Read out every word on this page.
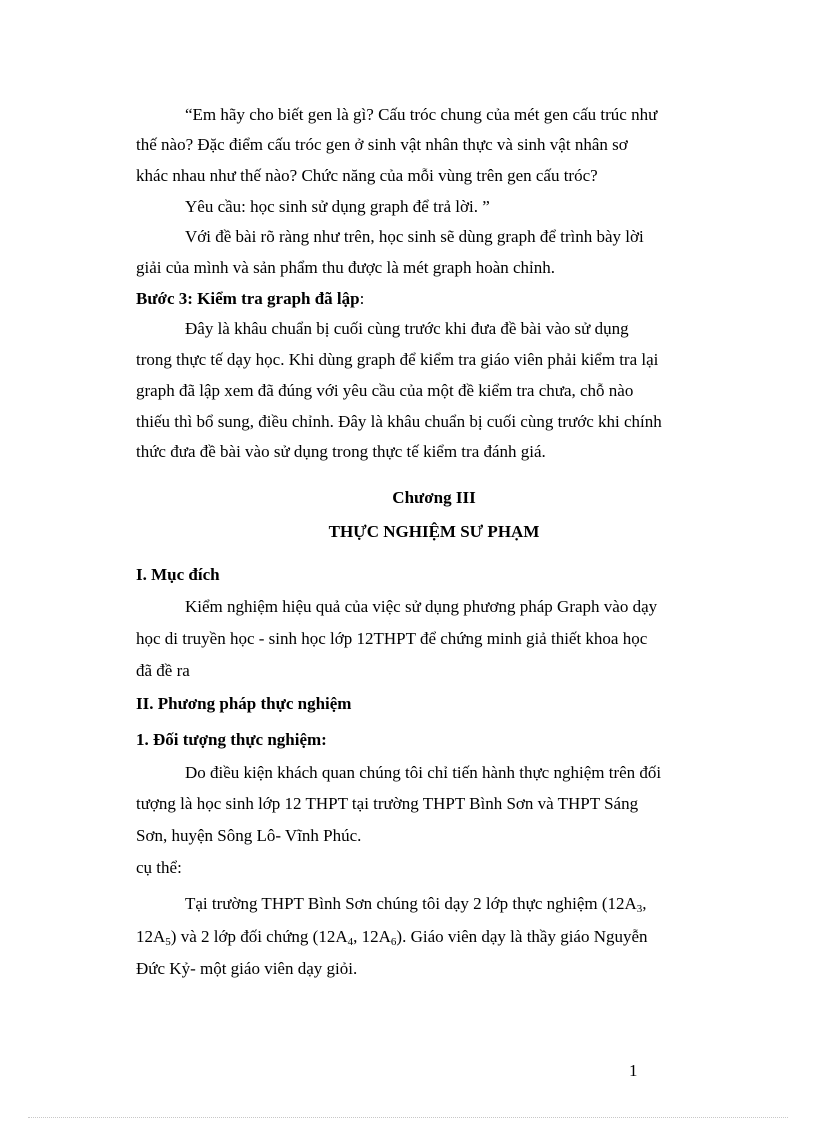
“Em hãy cho biết gen là gì? Cấu tróc chung của mét gen cấu trúc như
thế nào? Đặc điểm cấu tróc gen ở sinh vật nhân thực và sinh vật nhân sơ
khác nhau như thế nào? Chức năng của mỗi vùng trên gen cấu tróc?
Yêu cầu: học sinh sử dụng graph để trả lời. ”
Với đề bài rõ ràng như trên, học sinh sẽ dùng graph để trình bày lời
giải của mình và sản phẩm thu được là mét graph hoàn chỉnh.
Bước 3: Kiểm tra graph đã lập:
Đây là khâu chuẩn bị cuối cùng trước khi đưa đề bài vào sử dụng
trong thực tế dạy học. Khi dùng graph để kiểm tra giáo viên phải kiểm tra lại
graph đã lập xem đã đúng với yêu cầu của một đề kiểm tra chưa, chỗ nào
thiếu thì bổ sung, điều chỉnh. Đây là khâu chuẩn bị cuối cùng trước khi chính
thức đưa đề bài vào sử dụng trong thực tế kiểm tra đánh giá.
Chương III
THỰC NGHIỆM SƯ PHẠM
I. Mục đích
Kiểm nghiệm hiệu quả của việc sử dụng phương pháp Graph vào dạy
học di truyền học - sinh học lớp 12THPT để chứng minh giả thiết khoa học
đã đề ra
II. Phương pháp thực nghiệm
1. Đối tượng thực nghiệm:
Do điều kiện khách quan chúng tôi chỉ tiến hành thực nghiệm trên đối
tượng là học sinh lớp 12 THPT tại trường THPT Bình Sơn và THPT Sáng
Sơn, huyện Sông Lô- Vĩnh Phúc.
cụ thể:
Tại trường THPT Bình Sơn chúng tôi dạy 2 lớp thực nghiệm ($12A_3$,
$12A_5$) và 2 lớp đối chứng ($12A_4$, $12A_6$). Giáo viên dạy là thầy giáo Nguyễn
Đức Kỷ- một giáo viên dạy giỏi.
1
